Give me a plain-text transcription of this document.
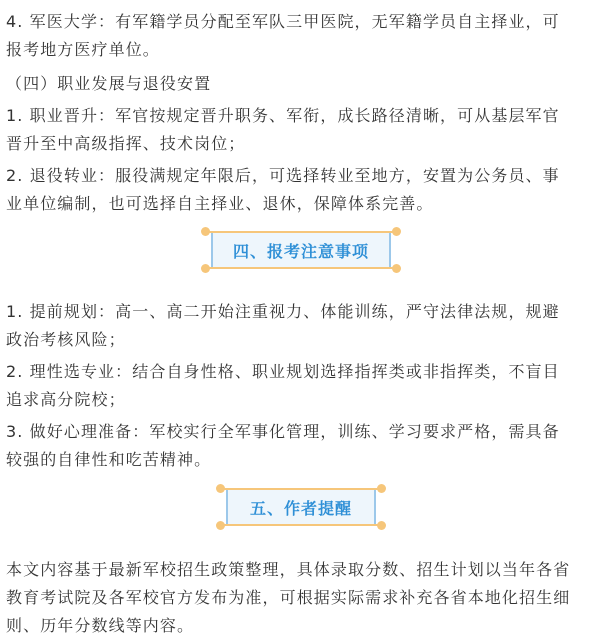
4. 军医大学：有军籍学员分配至军队三甲医院，无军籍学员自主择业，可
报考地方医疗单位。
（四）职业发展与退役安置
1. 职业晋升：军官按规定晋升职务、军衔，成长路径清晰，可从基层军官
晋升至中高级指挥、技术岗位；
2. 退役转业：服役满规定年限后，可选择转业至地方，安置为公务员、事
业单位编制，也可选择自主择业、退休，保障体系完善。
四、报考注意事项
1. 提前规划：高一、高二开始注重视力、体能训练，严守法律法规，规避
政治考核风险；
2. 理性选专业：结合自身性格、职业规划选择指挥类或非指挥类，不盲目
追求高分院校；
3. 做好心理准备：军校实行全军事化管理，训练、学习要求严格，需具备
较强的自律性和吃苦精神。
五、作者提醒
本文内容基于最新军校招生政策整理，具体录取分数、招生计划以当年各省
教育考试院及各军校官方发布为准，可根据实际需求补充各省本地化招生细
则、历年分数线等内容。
